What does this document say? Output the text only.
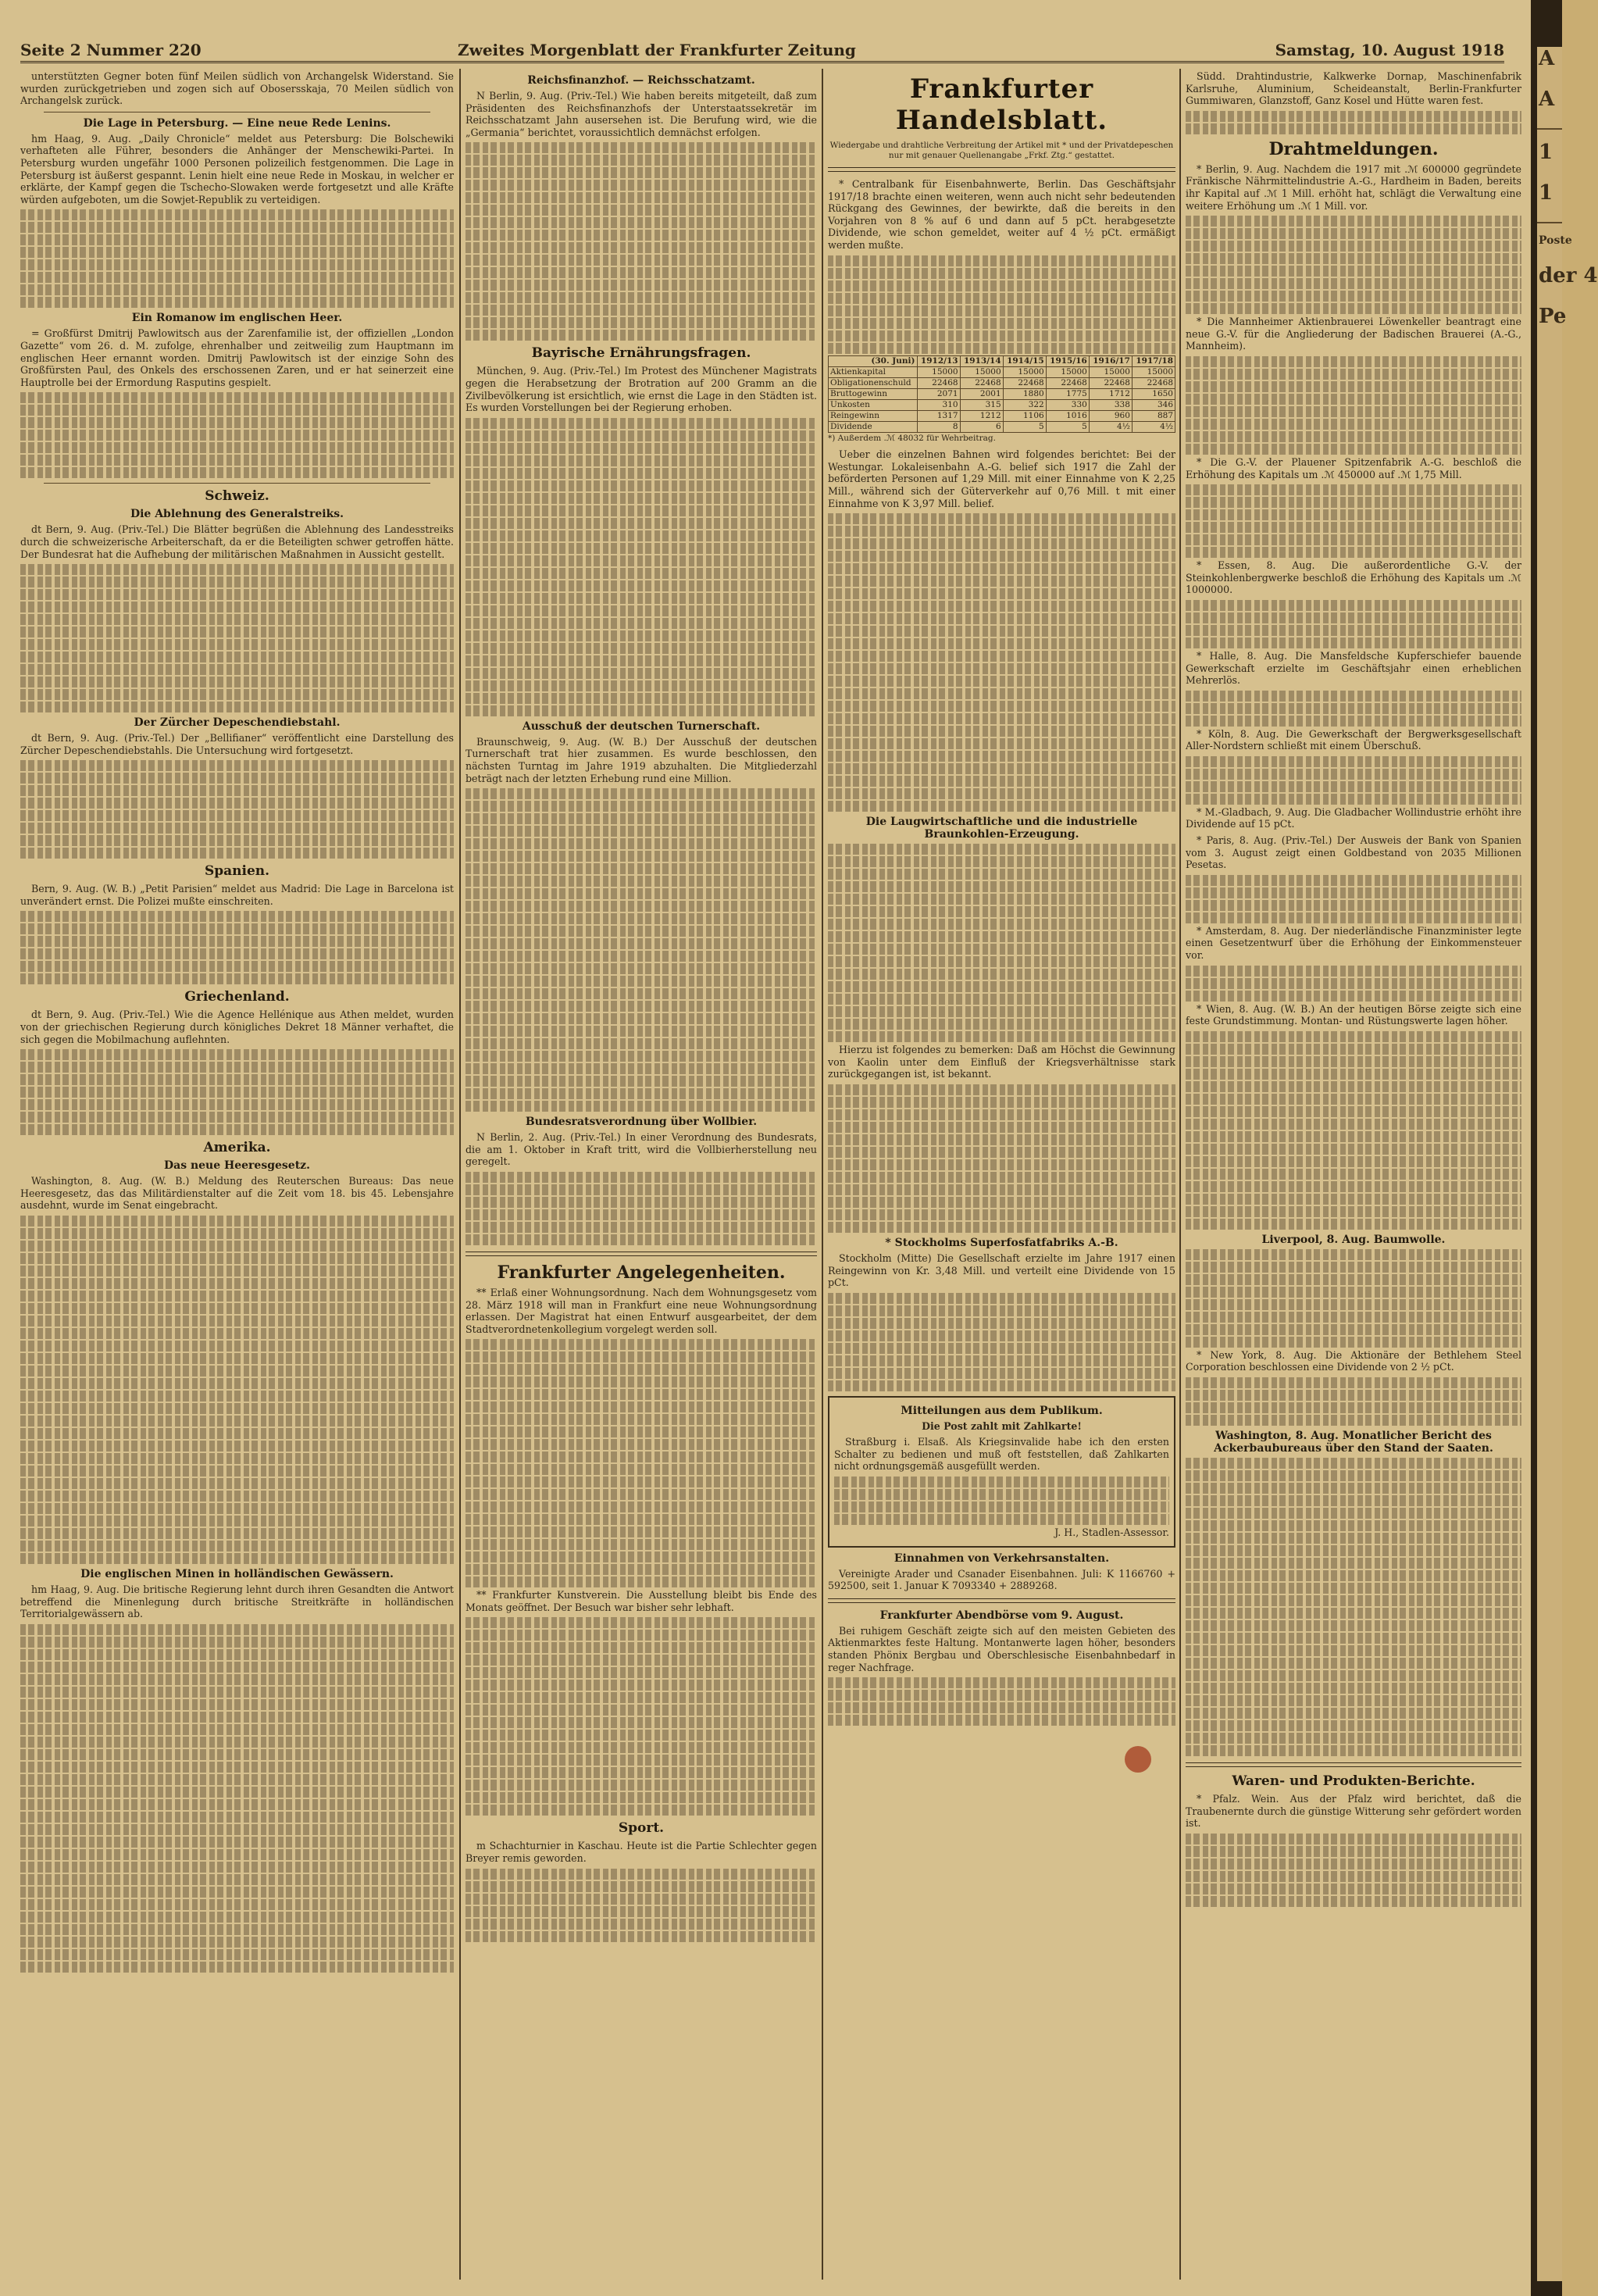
Seite 2 Nummer 220	Zweites Morgenblatt der Frankfurter Zeitung	Samstag, 10. August 1918

unterstützten Gegner boten fünf Meilen südlich von Archangelsk Widerstand. Sie wurden zurückgetrieben und zogen sich auf Obosersskaja, 70 Meilen südlich von Archangelsk zurück.

Die Lage in Petersburg. — Eine neue Rede Lenins.

hm Haag, 9. Aug. „Daily Chronicle“ meldet aus Petersburg: Die Bolschewiki verhafteten alle Führer, besonders die Anhänger der Menschewiki-Partei. In Petersburg wurden ungefähr 1000 Personen polizeilich festgenommen. Die Lage in Petersburg ist äußerst gespannt. Lenin hielt eine neue Rede in Moskau, in welcher er erklärte, der Kampf gegen die Tschecho-Slowaken werde fortgesetzt und alle Kräfte würden aufgeboten, um die Sowjet-Republik zu verteidigen.

Ein Romanow im englischen Heer.

= Großfürst Dmitrij Pawlowitsch aus der Zarenfamilie ist, der offiziellen „London Gazette“ vom 26. d. M. zufolge, ehrenhalber und zeitweilig zum Hauptmann im englischen Heer ernannt worden. Dmitrij Pawlowitsch ist der einzige Sohn des Großfürsten Paul, des Onkels des erschossenen Zaren, und er hat seinerzeit eine Hauptrolle bei der Ermordung Rasputins gespielt.

Schweiz.
Die Ablehnung des Generalstreiks.

dt Bern, 9. Aug. (Priv.-Tel.) Die Blätter begrüßen die Ablehnung des Landesstreiks durch die schweizerische Arbeiterschaft, da er die Beteiligten schwer getroffen hätte. Der Bundesrat hat die Aufhebung der militärischen Maßnahmen in Aussicht gestellt.

Der Zürcher Depeschendiebstahl.

dt Bern, 9. Aug. (Priv.-Tel.) Der „Bellifianer“ veröffentlicht eine Darstellung des Zürcher Depeschendiebstahls. Die Untersuchung wird fortgesetzt.

Spanien.

Bern, 9. Aug. (W. B.) „Petit Parisien“ meldet aus Madrid: Die Lage in Barcelona ist unverändert ernst. Die Polizei mußte einschreiten.

Griechenland.

dt Bern, 9. Aug. (Priv.-Tel.) Wie die Agence Hellénique aus Athen meldet, wurden von der griechischen Regierung durch königliches Dekret 18 Männer verhaftet, die sich gegen die Mobilmachung auflehnten.

Amerika.
Das neue Heeresgesetz.

Washington, 8. Aug. (W. B.) Meldung des Reuterschen Bureaus: Das neue Heeresgesetz, das das Militärdienstalter auf die Zeit vom 18. bis 45. Lebensjahre ausdehnt, wurde im Senat eingebracht.

Die englischen Minen in holländischen Gewässern.

hm Haag, 9. Aug. Die britische Regierung lehnt durch ihren Gesandten die Antwort betreffend die Minenlegung durch britische Streitkräfte in holländischen Territorialgewässern ab.

Reichsfinanzhof. — Reichsschatzamt.

N Berlin, 9. Aug. (Priv.-Tel.) Wie haben bereits mitgeteilt, daß zum Präsidenten des Reichsfinanzhofs der Unterstaatssekretär im Reichsschatzamt Jahn ausersehen ist. Die Berufung wird, wie die „Germania“ berichtet, voraussichtlich demnächst erfolgen.

Bayrische Ernährungsfragen.

München, 9. Aug. (Priv.-Tel.) Im Protest des Münchener Magistrats gegen die Herabsetzung der Brotration auf 200 Gramm an die Zivilbevölkerung ist ersichtlich, wie ernst die Lage in den Städten ist. Es wurden Vorstellungen bei der Regierung erhoben.

Ausschuß der deutschen Turnerschaft.

Braunschweig, 9. Aug. (W. B.) Der Ausschuß der deutschen Turnerschaft trat hier zusammen. Es wurde beschlossen, den nächsten Turntag im Jahre 1919 abzuhalten. Die Mitgliederzahl beträgt nach der letzten Erhebung rund eine Million.

Bundesratsverordnung über Wollbier.

N Berlin, 2. Aug. (Priv.-Tel.) In einer Verordnung des Bundesrats, die am 1. Oktober in Kraft tritt, wird die Vollbierherstellung neu geregelt.

Frankfurter Angelegenheiten.

** Erlaß einer Wohnungsordnung. Nach dem Wohnungsgesetz vom 28. März 1918 will man in Frankfurt eine neue Wohnungsordnung erlassen. Der Magistrat hat einen Entwurf ausgearbeitet, der dem Stadtverordnetenkollegium vorgelegt werden soll.

** Frankfurter Kunstverein. Die Ausstellung bleibt bis Ende des Monats geöffnet. Der Besuch war bisher sehr lebhaft.

Sport.

m Schachturnier in Kaschau. Heute ist die Partie Schlechter gegen Breyer remis geworden.

Frankfurter Handelsblatt.

Wiedergabe und drahtliche Verbreitung der Artikel mit * und der Privatdepeschen nur mit genauer Quellenangabe „Frkf. Ztg.“ gestattet.

* Centralbank für Eisenbahnwerte, Berlin. Das Geschäftsjahr 1917/18 brachte einen weiteren, wenn auch nicht sehr bedeutenden Rückgang des Gewinnes, der bewirkte, daß die bereits in den Vorjahren von 8 % auf 6 und dann auf 5 pCt. herabgesetzte Dividende, wie schon gemeldet, weiter auf 4 ½ pCt. ermäßigt werden mußte.

(30. Juni)	1912/13	1913/14	1914/15	1915/16	1916/17	1917/18
Aktienkapital	15000	15000	15000	15000	15000	15000
Obligationenschuld	22468	22468	22468	22468	22468	22468
Bruttogewinn	2071	2001	1880	1775	1712	1650
Unkosten	310	315	322	330	338	346
Reingewinn	1317	1212	1106	1016	960	887
Dividende	8	6	5	5	4½	4½

*) Außerdem .ℳ 48032 für Wehrbeitrag.

Ueber die einzelnen Bahnen wird folgendes berichtet: Bei der Westungar. Lokaleisenbahn A.-G. belief sich 1917 die Zahl der beförderten Personen auf 1,29 Mill. mit einer Einnahme von K 2,25 Mill., während sich der Güterverkehr auf 0,76 Mill. t mit einer Einnahme von K 3,97 Mill. belief.

Die Laugwirtschaftliche und die industrielle Braunkohlen-Erzeugung.

Hierzu ist folgendes zu bemerken: Daß am Höchst die Gewinnung von Kaolin unter dem Einfluß der Kriegsverhältnisse stark zurückgegangen ist, ist bekannt.

* Stockholms Superfosfatfabriks A.-B.

Stockholm (Mitte) Die Gesellschaft erzielte im Jahre 1917 einen Reingewinn von Kr. 3,48 Mill. und verteilt eine Dividende von 15 pCt.

Mitteilungen aus dem Publikum.

Die Post zahlt mit Zahlkarte!

Straßburg i. Elsaß. Als Kriegsinvalide habe ich den ersten Schalter zu bedienen und muß oft feststellen, daß Zahlkarten nicht ordnungsgemäß ausgefüllt werden.

J. H., Stadlen-Assessor.

Einnahmen von Verkehrsanstalten.

Vereinigte Arader und Csanader Eisenbahnen. Juli: K 1166760 + 592500, seit 1. Januar K 7093340 + 2889268.

Frankfurter Abendbörse vom 9. August.

Bei ruhigem Geschäft zeigte sich auf den meisten Gebieten des Aktienmarktes feste Haltung. Montanwerte lagen höher, besonders standen Phönix Bergbau und Oberschlesische Eisenbahnbedarf in reger Nachfrage.

Südd. Drahtindustrie, Kalkwerke Dornap, Maschinenfabrik Karlsruhe, Aluminium, Scheideanstalt, Berlin-Frankfurter Gummiwaren, Glanzstoff, Ganz Kosel und Hütte waren fest.

Drahtmeldungen.

* Berlin, 9. Aug. Nachdem die 1917 mit .ℳ 600000 gegründete Fränkische Nährmittelindustrie A.-G., Hardheim in Baden, bereits ihr Kapital auf .ℳ 1 Mill. erhöht hat, schlägt die Verwaltung eine weitere Erhöhung um .ℳ 1 Mill. vor.

* Die Mannheimer Aktienbrauerei Löwenkeller beantragt eine neue G.-V. für die Angliederung der Badischen Brauerei (A.-G., Mannheim).

* Die G.-V. der Plauener Spitzenfabrik A.-G. beschloß die Erhöhung des Kapitals um .ℳ 450000 auf .ℳ 1,75 Mill.

* Essen, 8. Aug. Die außerordentliche G.-V. der Steinkohlenbergwerke beschloß die Erhöhung des Kapitals um .ℳ 1000000.

* Halle, 8. Aug. Die Mansfeldsche Kupferschiefer bauende Gewerkschaft erzielte im Geschäftsjahr einen erheblichen Mehrerlös.

* Köln, 8. Aug. Die Gewerkschaft der Bergwerksgesellschaft Aller-Nordstern schließt mit einem Überschuß.

* M.-Gladbach, 9. Aug. Die Gladbacher Wollindustrie erhöht ihre Dividende auf 15 pCt.

* Paris, 8. Aug. (Priv.-Tel.) Der Ausweis der Bank von Spanien vom 3. August zeigt einen Goldbestand von 2035 Millionen Pesetas.

* Amsterdam, 8. Aug. Der niederländische Finanzminister legte einen Gesetzentwurf über die Erhöhung der Einkommensteuer vor.

* Wien, 8. Aug. (W. B.) An der heutigen Börse zeigte sich eine feste Grundstimmung. Montan- und Rüstungswerte lagen höher.

Liverpool, 8. Aug. Baumwolle.

* New York, 8. Aug. Die Aktionäre der Bethlehem Steel Corporation beschlossen eine Dividende von 2 ½ pCt.

Washington, 8. Aug. Monatlicher Bericht des Ackerbaubureaus über den Stand der Saaten.
Waren- und Produkten-Berichte.

* Pfalz. Wein. Aus der Pfalz wird berichtet, daß die Traubenernte durch die günstige Witterung sehr gefördert worden ist.

A
A
1
1
Poste
der 4
Pe
